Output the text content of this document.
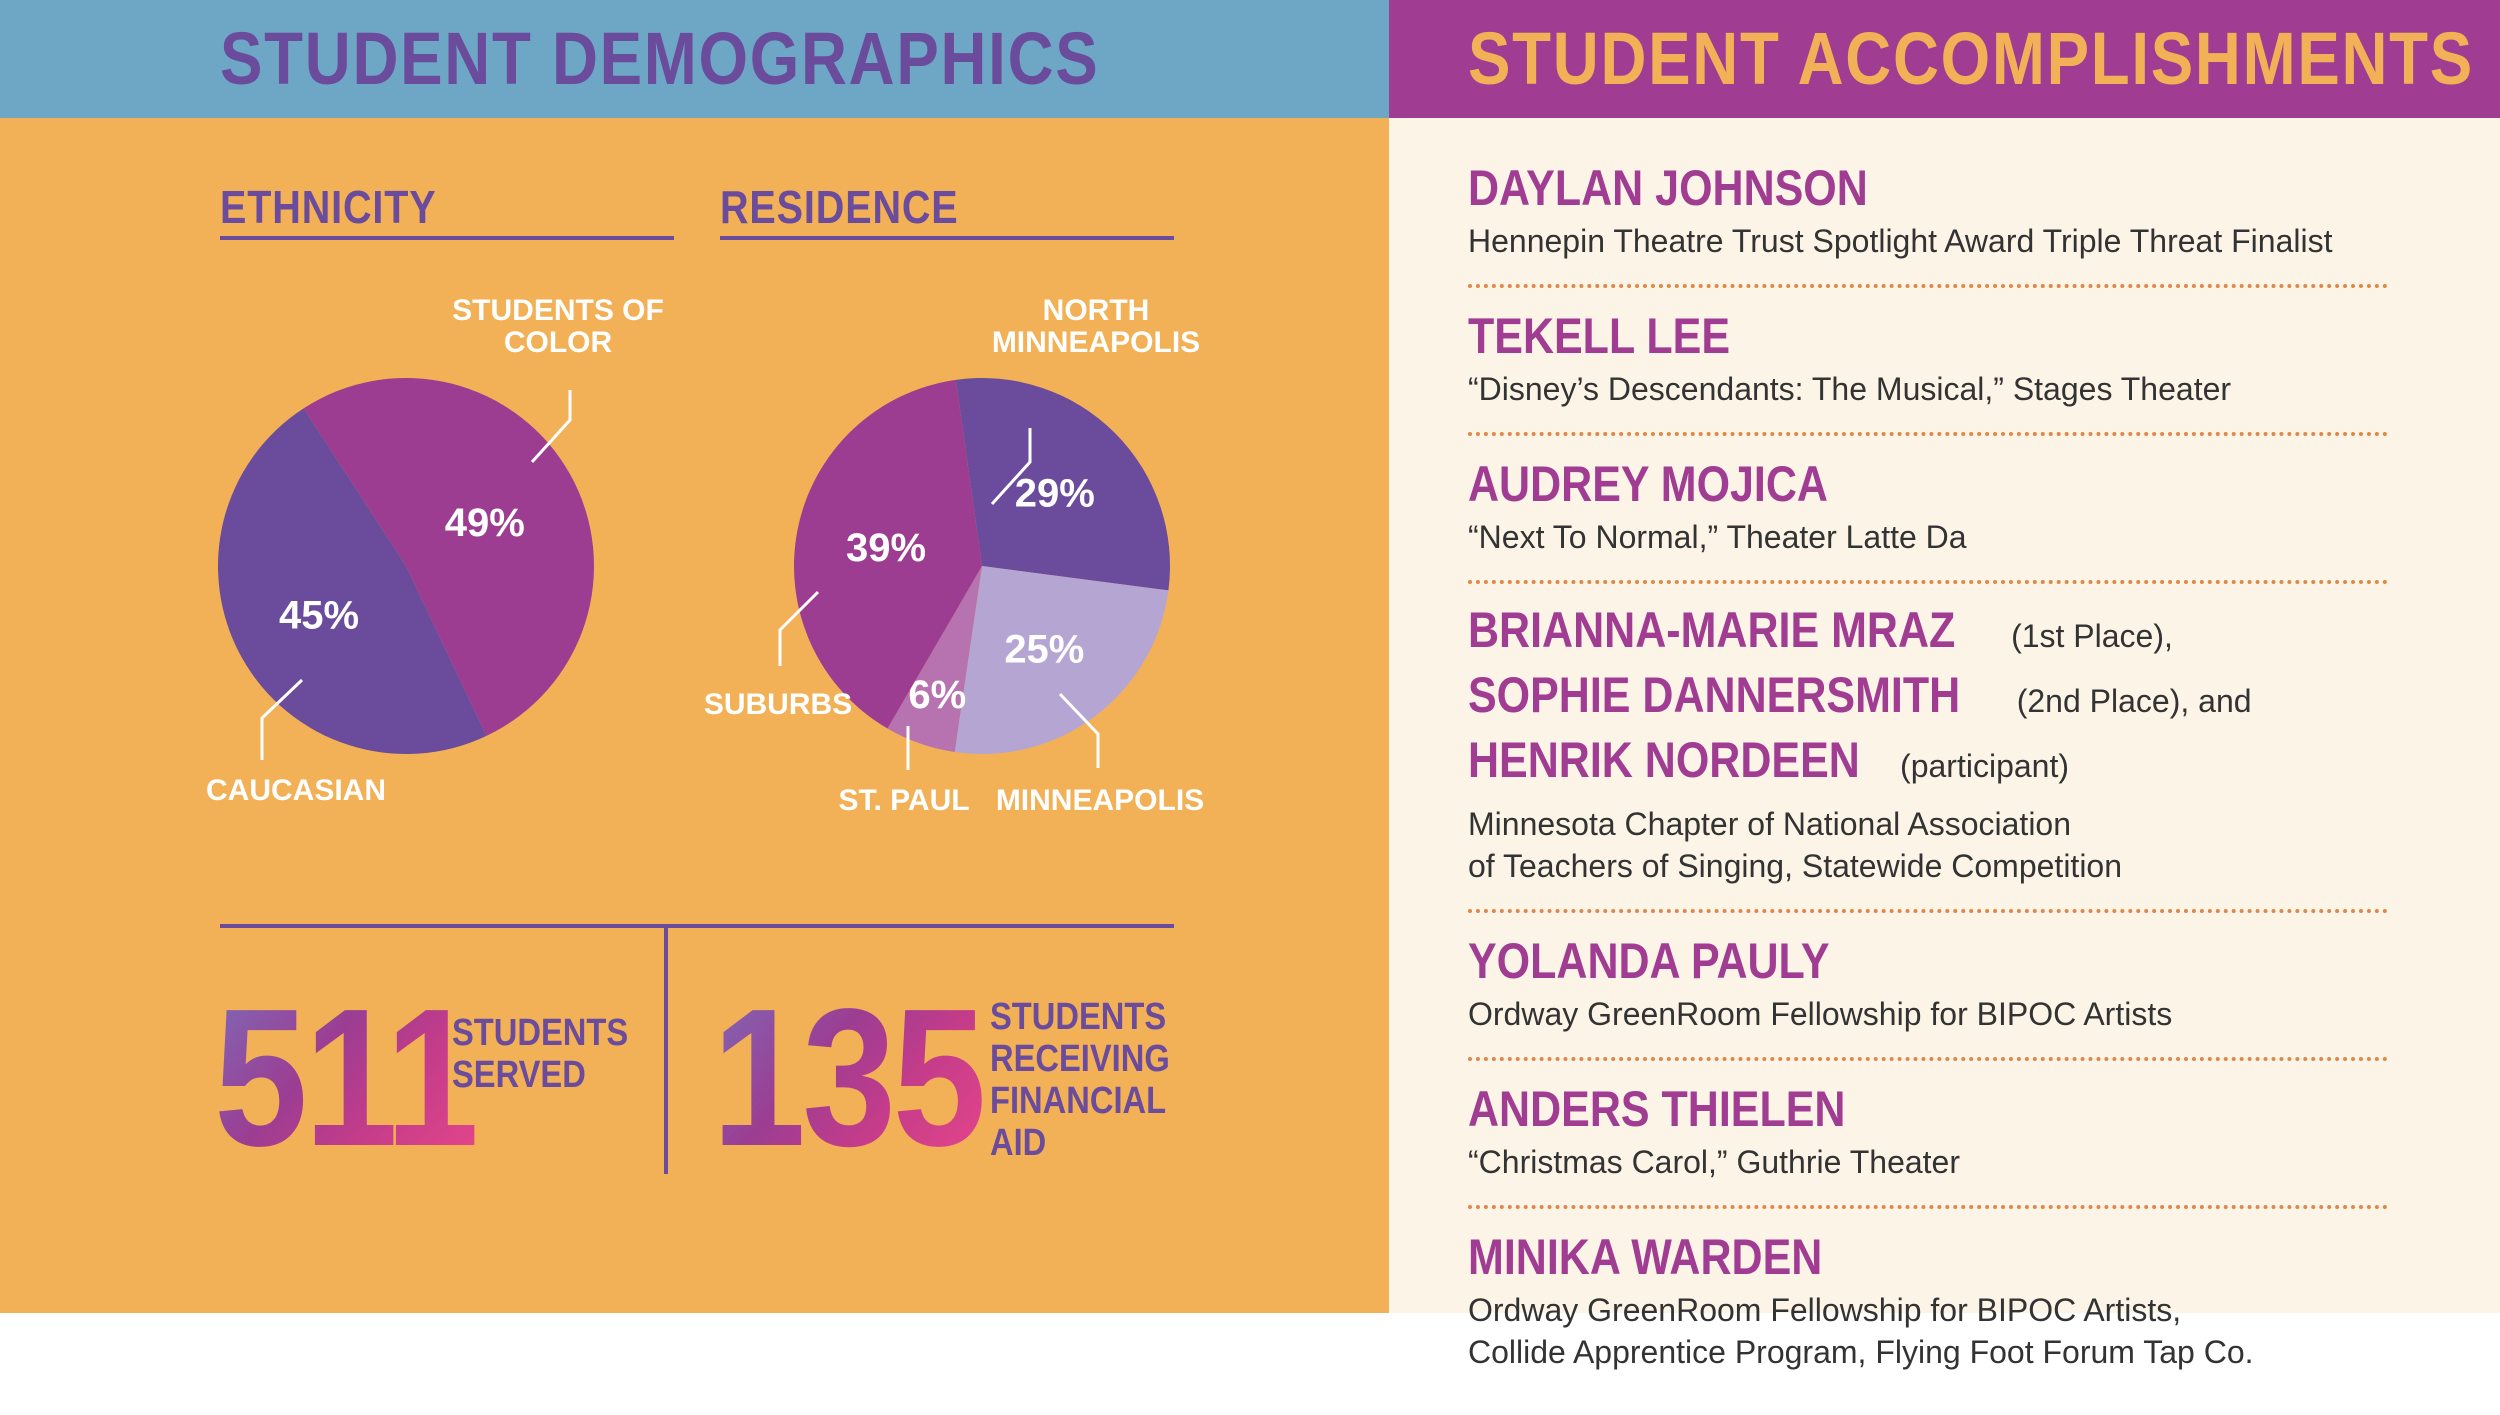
STUDENT DEMOGRAPHICS	STUDENT ACCOMPLISHMENTS
ETHNICITY	RESIDENCE
49%
STUDENTS OF
COLOR
45%
CAUCASIAN
29%
NORTH
MINNEAPOLIS
25%
MINNEAPOLIS
6%
ST. PAUL
39%
SUBURBS
511
STUDENTS
SERVED 135 STUDENTS
RECEIVING
FINANCIAL
AID
DAYLAN JOHNSON
Hennepin Theatre Trust Spotlight Award Triple Threat Finalist
TEKELL LEE
“Disney’s Descendants: The Musical,” Stages Theater
AUDREY MOJICA
“Next To Normal,” Theater Latte Da
BRIANNA-MARIE MRAZ (1st Place),
SOPHIE DANNERSMITH (2nd Place), and
HENRIK NORDEEN (participant)
Minnesota Chapter of National Association
of Teachers of Singing, Statewide Competition
YOLANDA PAULY
Ordway GreenRoom Fellowship for BIPOC Artists
ANDERS THIELEN
“Christmas Carol,” Guthrie Theater
MINIKA WARDEN
Ordway GreenRoom Fellowship for BIPOC Artists,
Collide Apprentice Program, Flying Foot Forum Tap Co.
